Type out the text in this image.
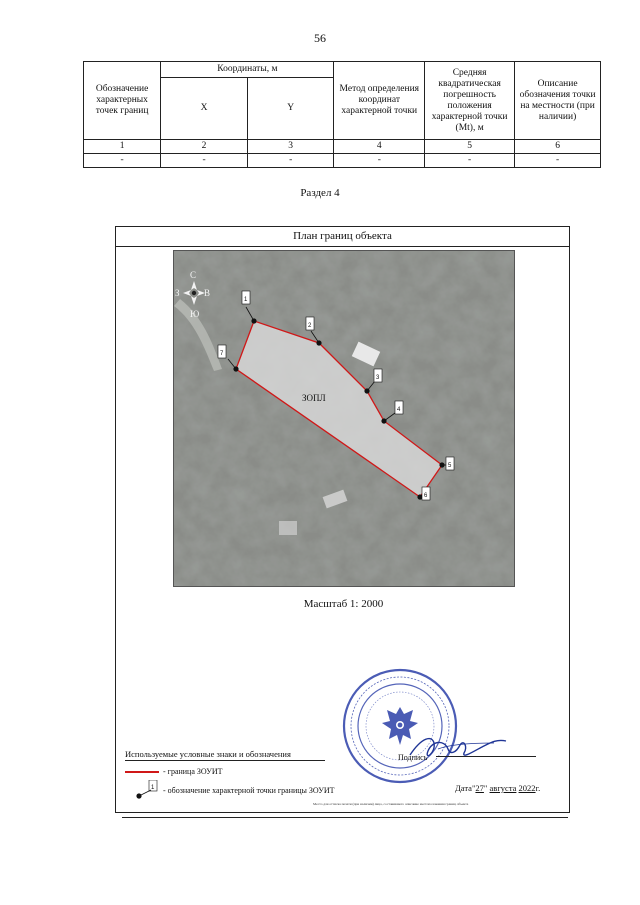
56
Обозначение характерных точек границ	Координаты, м		Метод определения координат характерной точки	Средняя квадратическая погрешность положения характерной точки (Mt), м	Описание обозначения точки на местности (при наличии)
	X	Y			
1	2	3	4	5	6
-	-	-	-	-	-
Раздел 4
План границ объекта
ЗОПЛ
С
З	В
Ю
1
2
3
4
5
6
7
Масштаб 1: 2000
Подпись
Используемые условные знаки и обозначения
- граница ЗОУИТ
1 - обозначение характерной точки границы ЗОУИТ	Дата"27" августа 2022г.
Место для оттиска печати (при наличии) лица, составившего описание местоположения границ объекта
